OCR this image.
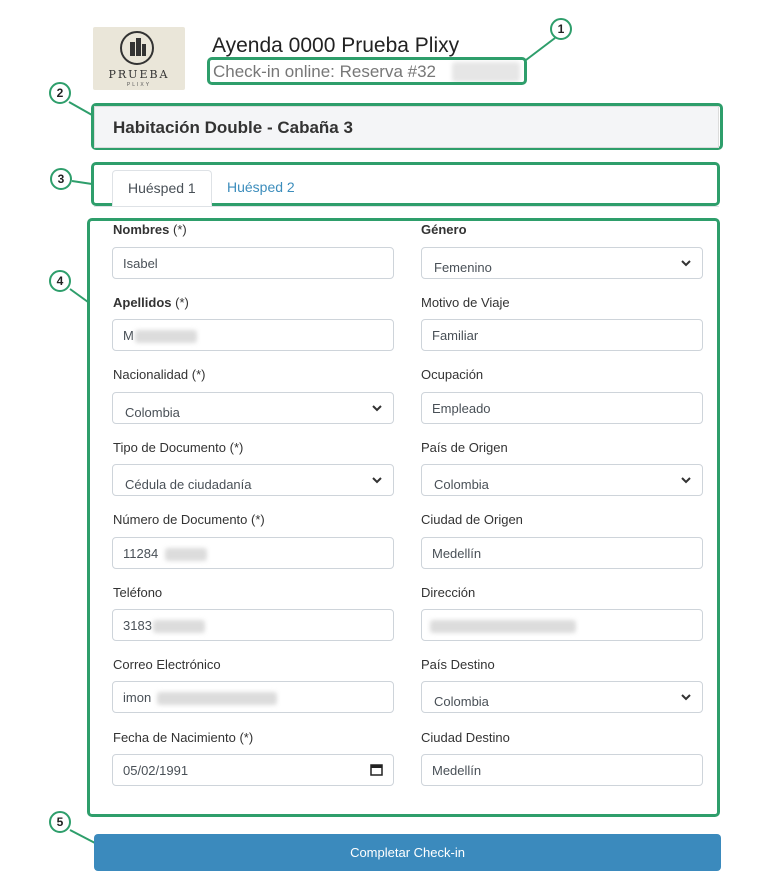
PRUEBA
PLIXY
Ayenda 0000 Prueba Plixy
Check-in online: Reserva #32
1
2
3
4
5
Habitación Double - Cabaña 3
Huésped 1	Huésped 2
Nombres (*)
Isabel
Apellidos (*)
M
Nacionalidad (*)
Colombia
Tipo de Documento (*)
Cédula de ciudadanía
Número de Documento (*)
11284
Teléfono
3183
Correo Electrónico
imon
Fecha de Nacimiento (*)
05/02/1991
Género
Femenino
Motivo de Viaje
Familiar
Ocupación
Empleado
País de Origen
Colombia
Ciudad de Origen
Medellín
Dirección
País Destino
Colombia
Ciudad Destino
Medellín
Completar Check-in
